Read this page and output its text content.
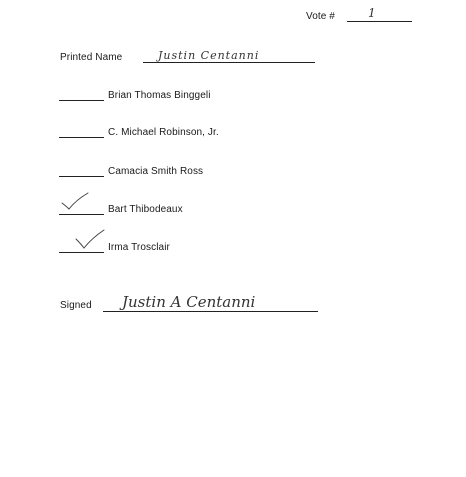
Vote #	1
Printed Name	Justin Centanni
Brian Thomas Binggeli
C. Michael Robinson, Jr.
Camacia Smith Ross
Bart Thibodeaux
Irma Trosclair
Signed Justin A Centanni
